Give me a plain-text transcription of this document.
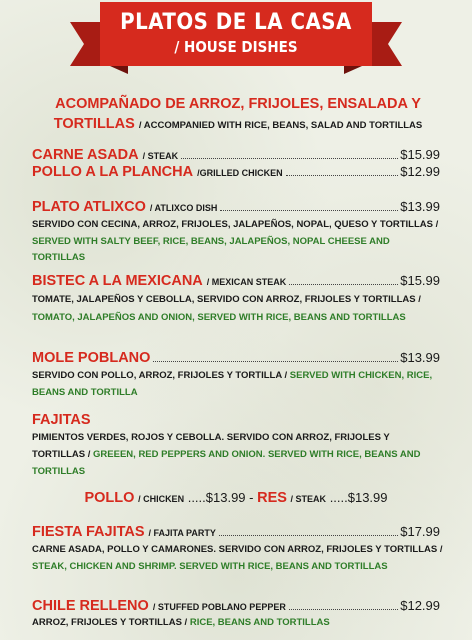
PLATOS DE LA CASA
/ HOUSE DISHES
ACOMPAÑADO DE ARROZ, FRIJOLES, ENSALADA Y
TORTILLAS / ACCOMPANIED WITH RICE, BEANS, SALAD AND TORTILLAS
CARNE ASADA / STEAK	$15.99
POLLO A LA PLANCHA /GRILLED CHICKEN	$12.99
PLATO ATLIXCO / ATLIXCO DISH	$13.99
SERVIDO CON CECINA, ARROZ, FRIJOLES, JALAPEÑOS, NOPAL, QUESO Y TORTILLAS / SERVED WITH SALTY BEEF, RICE, BEANS, JALAPEÑOS, NOPAL CHEESE AND TORTILLAS
BISTEC A LA MEXICANA / MEXICAN STEAK	$15.99
TOMATE, JALAPEÑOS Y CEBOLLA, SERVIDO CON ARROZ, FRIJOLES Y TORTILLAS / TOMATO, JALAPEÑOS AND ONION, SERVED WITH RICE, BEANS AND TORTILLAS
MOLE POBLANO	$13.99
SERVIDO CON POLLO, ARROZ, FRIJOLES Y TORTILLA / SERVED WITH CHICKEN, RICE, BEANS AND TORTILLA
FAJITAS
PIMIENTOS VERDES, ROJOS Y CEBOLLA. SERVIDO CON ARROZ, FRIJOLES Y TORTILLAS / GREEEN, RED PEPPERS AND ONION. SERVED WITH RICE, BEANS AND TORTILLAS
POLLO / CHICKEN .....$13.99 - RES / STEAK .....$13.99
FIESTA FAJITAS / FAJITA PARTY	$17.99
CARNE ASADA, POLLO Y CAMARONES. SERVIDO CON ARROZ, FRIJOLES Y TORTILLAS / STEAK, CHICKEN AND SHRIMP. SERVED WITH RICE, BEANS AND TORTILLAS
CHILE RELLENO / STUFFED POBLANO PEPPER	$12.99
ARROZ, FRIJOLES Y TORTILLAS / RICE, BEANS AND TORTILLAS
